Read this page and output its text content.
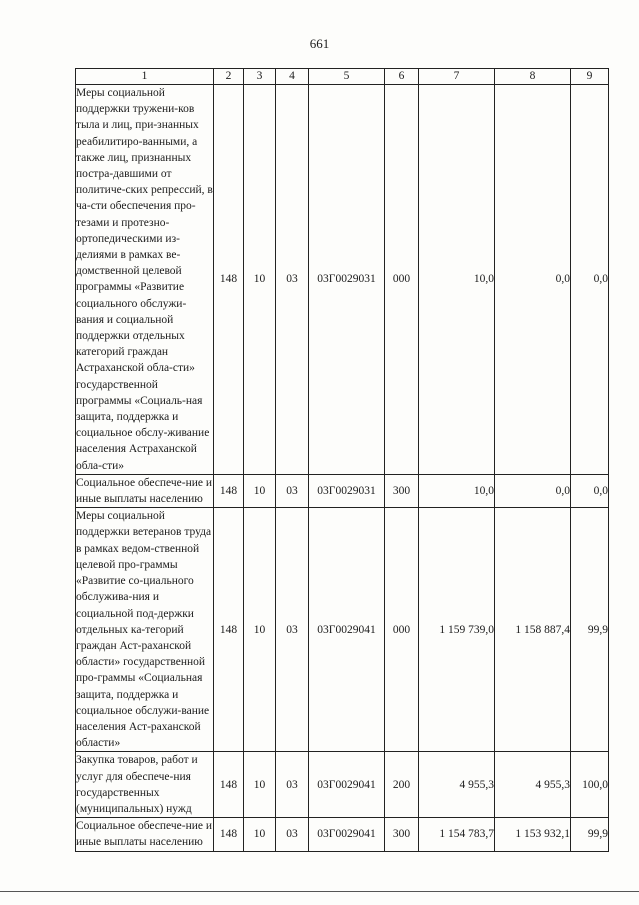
661
1	2	3	4	5	6	7	8	9
Меры социальной поддержки тружени-ков тыла и лиц, при-знанных реабилитиро-ванными, а также лиц, признанных постра-давшими от политиче-ских репрессий, в ча-сти обеспечения про-тезами и протезно-ортопедическими из-делиями в рамках ве-домственной целевой программы «Развитие социального обслужи-вания и социальной поддержки отдельных категорий граждан Астраханской обла-сти» государственной программы «Социаль-ная защита, поддержка и социальное обслу-живание населения Астраханской обла-сти»	148	10	03	03Г0029031	000	10,0	0,0	0,0
Социальное обеспече-ние и иные выплаты населению	148	10	03	03Г0029031	300	10,0	0,0	0,0
Меры социальной поддержки ветеранов труда в рамках ведом-ственной целевой про-граммы «Развитие со-циального обслужива-ния и социальной под-держки отдельных ка-тегорий граждан Аст-раханской области» государственной про-граммы «Социальная защита, поддержка и социальное обслужи-вание населения Аст-раханской области»	148	10	03	03Г0029041	000	1 159 739,0	1 158 887,4	99,9
Закупка товаров, работ и услуг для обеспече-ния государственных (муниципальных) нужд	148	10	03	03Г0029041	200	4 955,3	4 955,3	100,0
Социальное обеспече-ние и иные выплаты населению	148	10	03	03Г0029041	300	1 154 783,7	1 153 932,1	99,9
